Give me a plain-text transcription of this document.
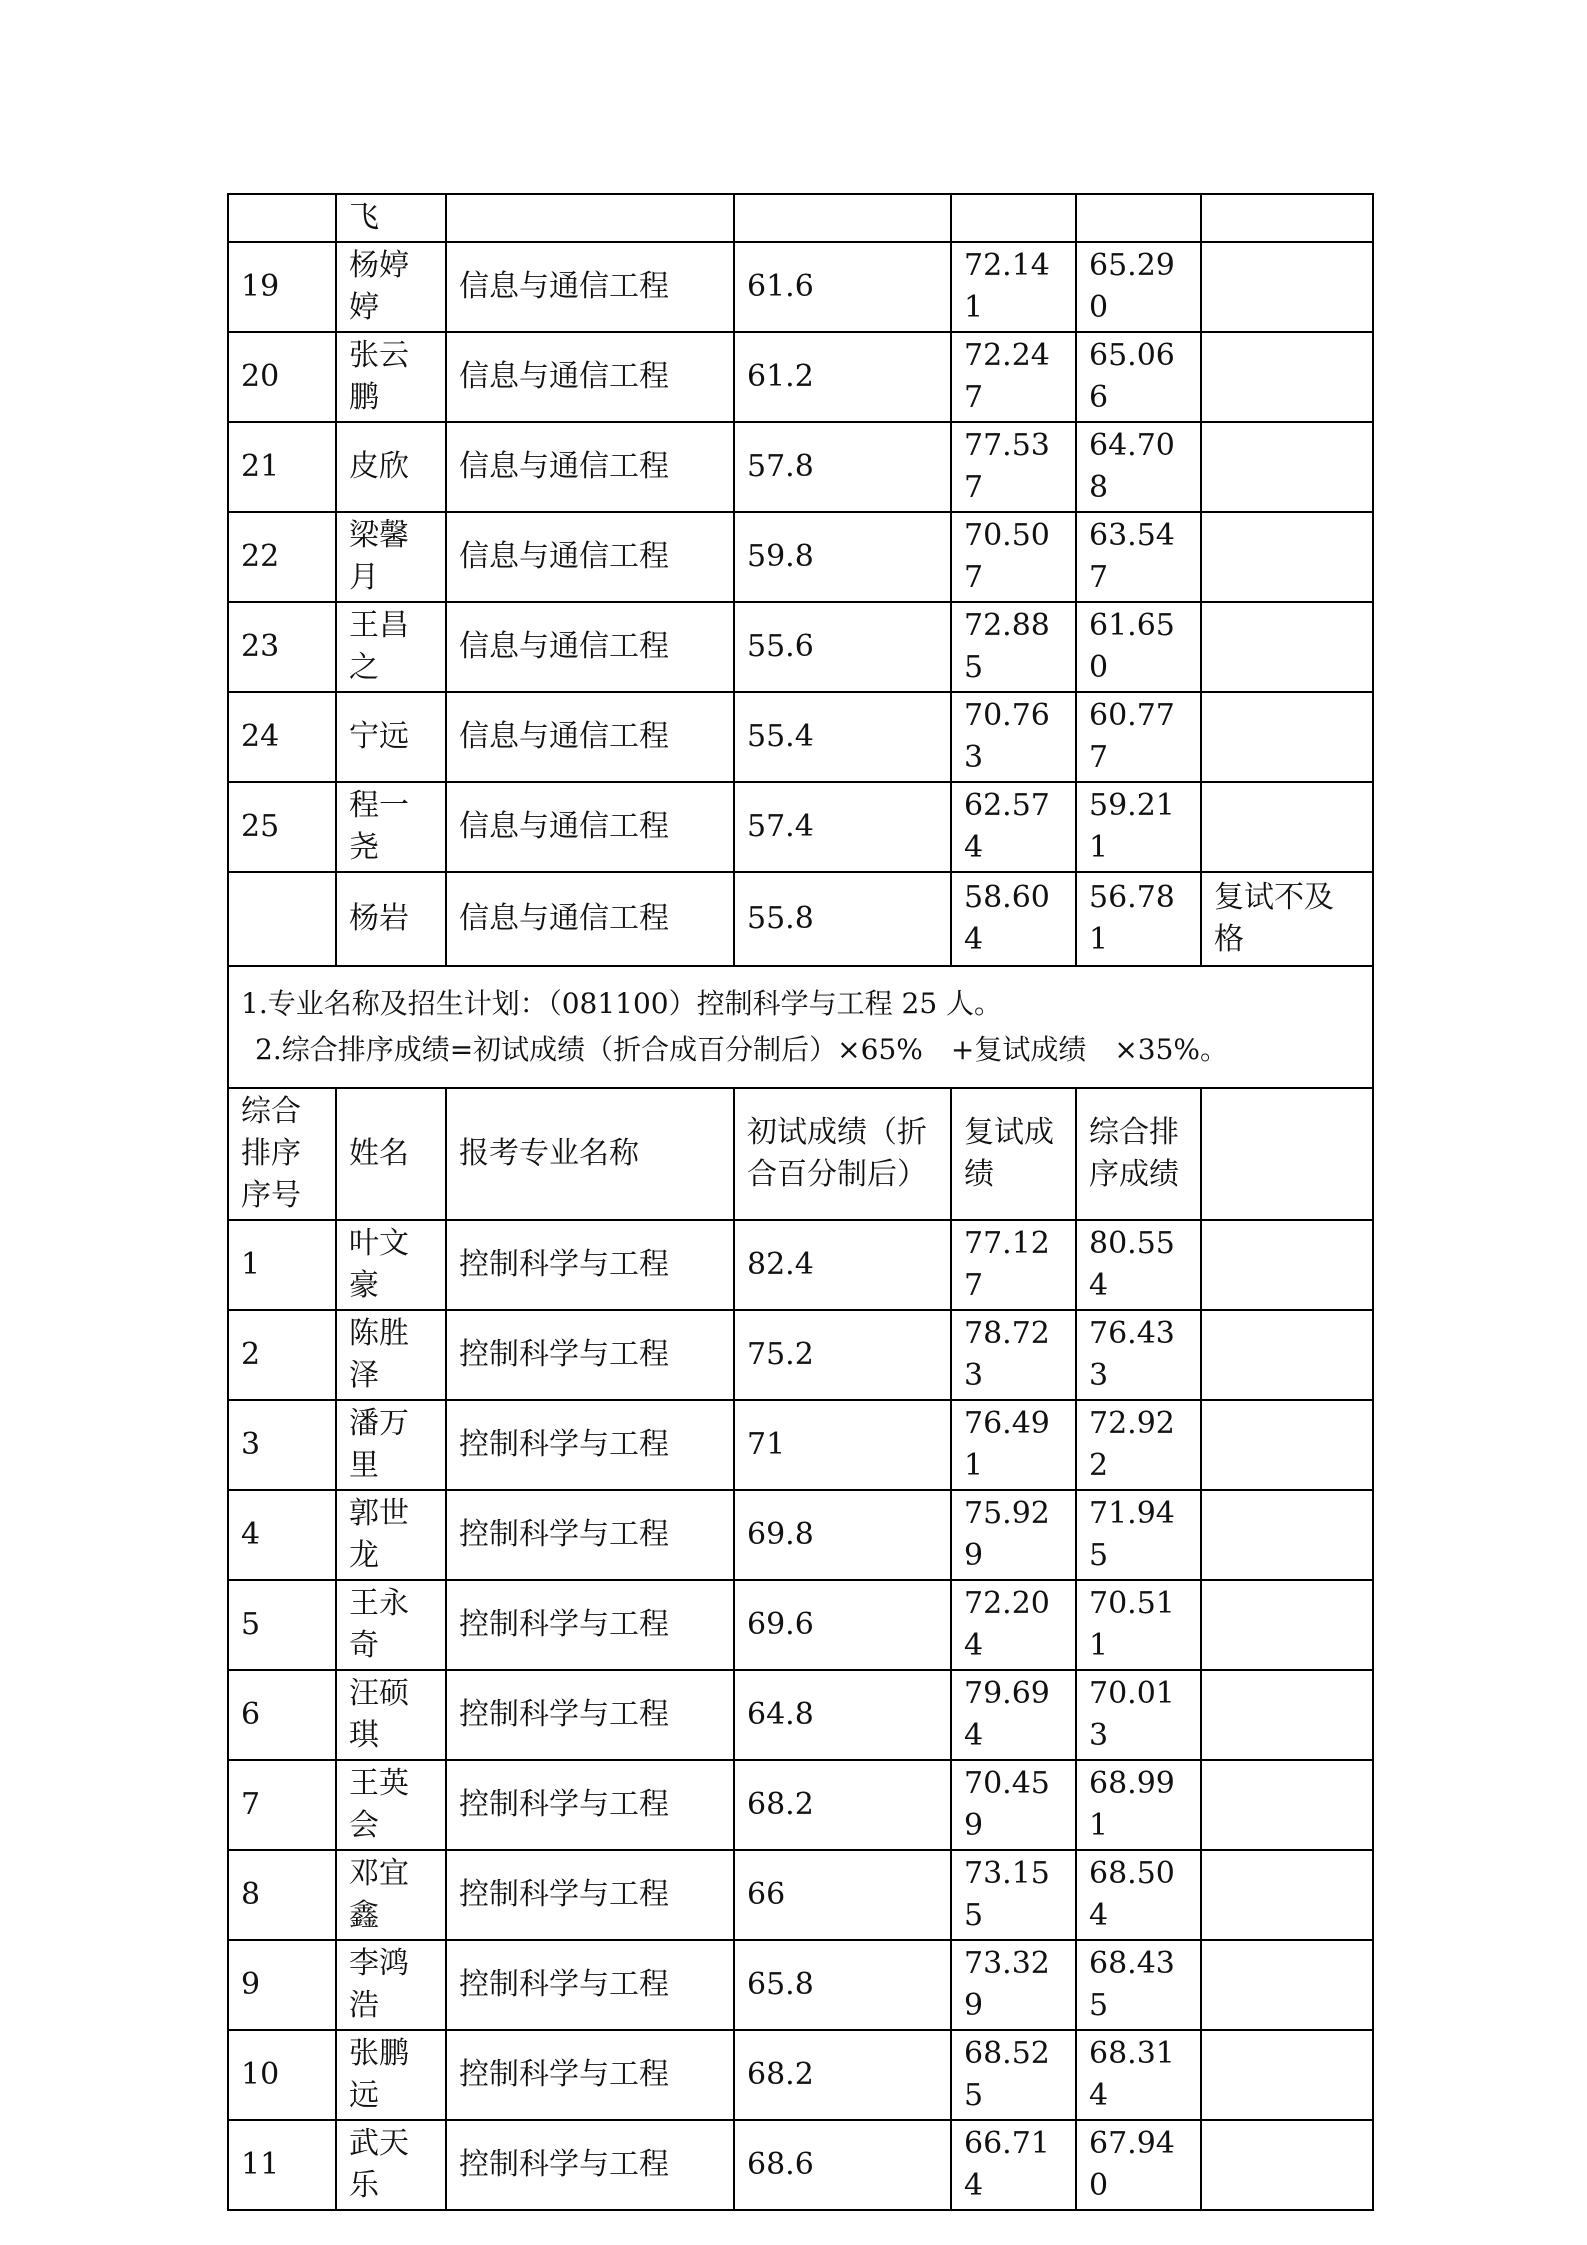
	飞					
19	杨婷婷	信息与通信工程	61.6	72.141	65.290	
20	张云鹏	信息与通信工程	61.2	72.247	65.066	
21	皮欣	信息与通信工程	57.8	77.537	64.708	
22	梁馨月	信息与通信工程	59.8	70.507	63.547	
23	王昌之	信息与通信工程	55.6	72.885	61.650	
24	宁远	信息与通信工程	55.4	70.763	60.777	
25	程一尧	信息与通信工程	57.4	62.574	59.211	
	杨岩	信息与通信工程	55.8	58.604	56.781	复试不及格

1.专业名称及招生计划：（081100）控制科学与工程 25 人。
2.综合排序成绩=初试成绩（折合成百分制后）×65%　+复试成绩　×35%。						

综合排序序号	姓名	报考专业名称	初试成绩（折合百分制后）	复试成绩	综合排序成绩	
1	叶文豪	控制科学与工程	82.4	77.127	80.554	
2	陈胜泽	控制科学与工程	75.2	78.723	76.433	
3	潘万里	控制科学与工程	71	76.491	72.922	
4	郭世龙	控制科学与工程	69.8	75.929	71.945	
5	王永奇	控制科学与工程	69.6	72.204	70.511	
6	汪硕琪	控制科学与工程	64.8	79.694	70.013	
7	王英会	控制科学与工程	68.2	70.459	68.991	
8	邓宜鑫	控制科学与工程	66	73.155	68.504	
9	李鸿浩	控制科学与工程	65.8	73.329	68.435	
10	张鹏远	控制科学与工程	68.2	68.525	68.314	
11	武天乐	控制科学与工程	68.6	66.714	67.940	
